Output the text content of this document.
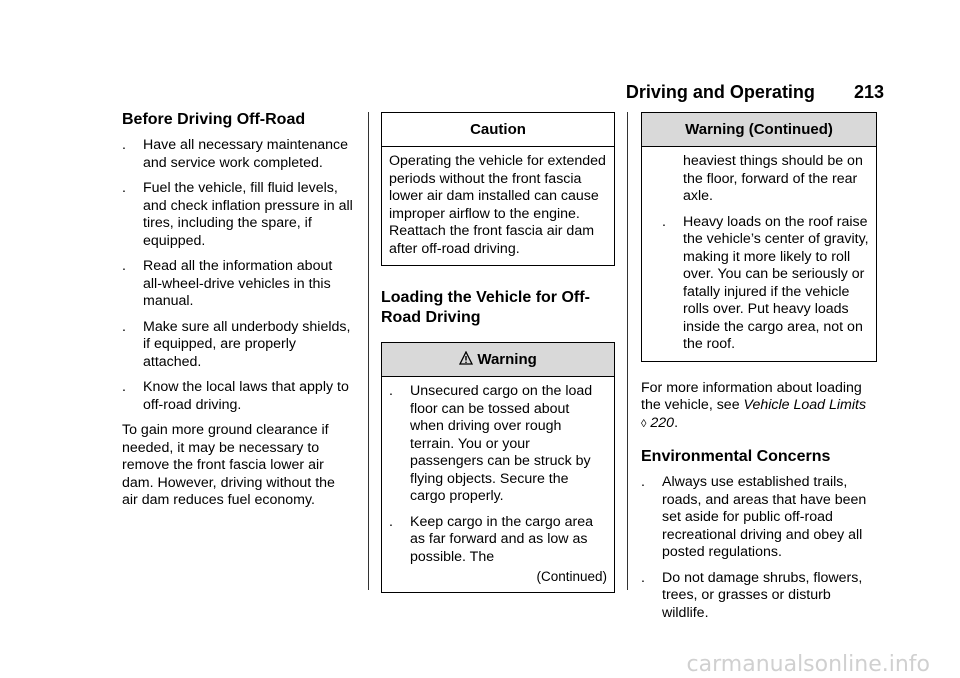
Driving and Operating 213
Before Driving Off-Road
.	Have all necessary maintenance and service work completed.
.	Fuel the vehicle, fill fluid levels, and check inflation pressure in all tires, including the spare, if equipped.
.	Read all the information about all-wheel-drive vehicles in this manual.
.	Make sure all underbody shields, if equipped, are properly attached.
.	Know the local laws that apply to off-road driving.

To gain more ground clearance if needed, it may be necessary to remove the front fascia lower air dam. However, driving without the air dam reduces fuel economy.

Caution

Operating the vehicle for extended periods without the front fascia lower air dam installed can cause improper airflow to the engine. Reattach the front fascia air dam after off-road driving.

Loading the Vehicle for Off-Road Driving
Warning
.	Unsecured cargo on the load floor can be tossed about when driving over rough terrain. You or your passengers can be struck by flying objects. Secure the cargo properly.
.	Keep cargo in the cargo area as far forward and as low as possible. The
(Continued)
Warning (Continued)

heaviest things should be on the floor, forward of the rear axle.

.	Heavy loads on the roof raise the vehicle’s center of gravity, making it more likely to roll over. You can be seriously or fatally injured if the vehicle rolls over. Put heavy loads inside the cargo area, not on the roof.

For more information about loading the vehicle, see Vehicle Load Limits
◊ 220.

Environmental Concerns
.	Always use established trails, roads, and areas that have been set aside for public off-road recreational driving and obey all posted regulations.
.	Do not damage shrubs, flowers, trees, or grasses or disturb wildlife.
carmanualsonline.info
